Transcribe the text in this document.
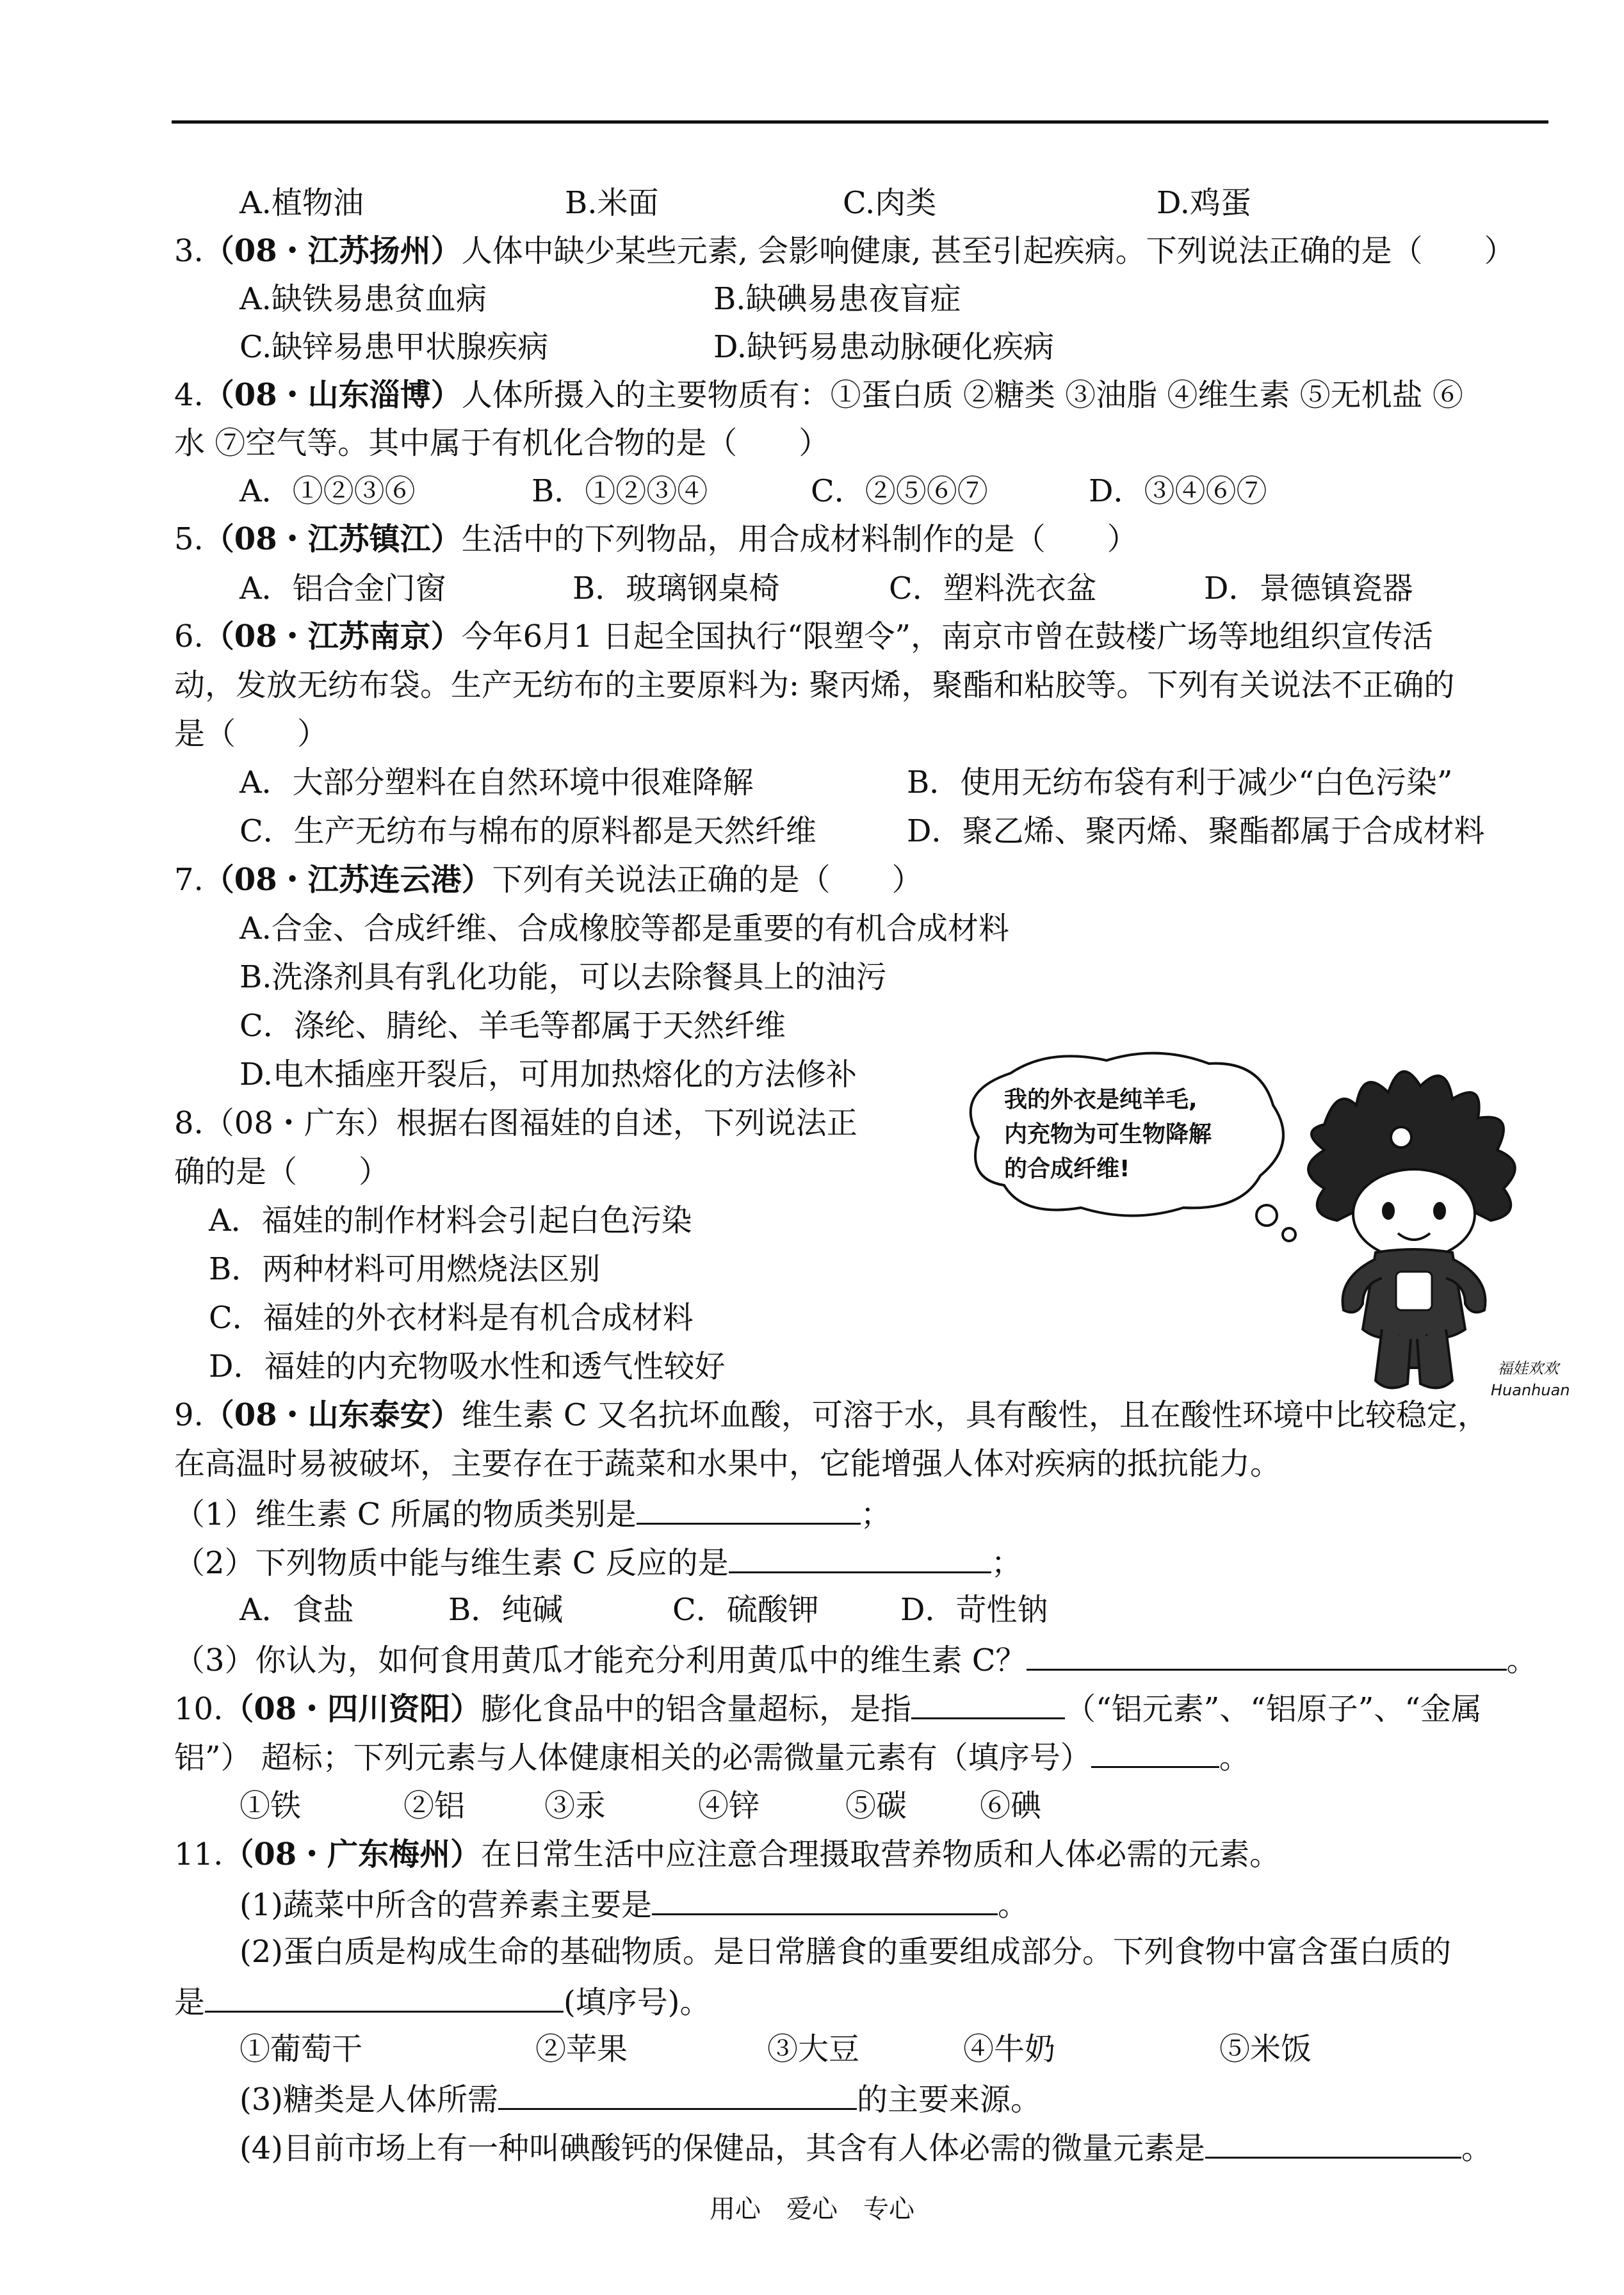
A.植物油	B.米面	C.肉类	D.鸡蛋
3.（08・江苏扬州）人体中缺少某些元素, 会影响健康, 甚至引起疾病。下列说法正确的是（　　）
A.缺铁易患贫血病	B.缺碘易患夜盲症
C.缺锌易患甲状腺疾病	D.缺钙易患动脉硬化疾病
4.（08・山东淄博）人体所摄入的主要物质有：①蛋白质 ②糖类 ③油脂 ④维生素 ⑤无机盐 ⑥
水 ⑦空气等。其中属于有机化合物的是（　　）
A．①②③⑥	B．①②③④	C．②⑤⑥⑦	D．③④⑥⑦
5.（08・江苏镇江）生活中的下列物品，用合成材料制作的是（　　）
A．铝合金门窗	B．玻璃钢桌椅	C．塑料洗衣盆	D．景德镇瓷器
6.（08・江苏南京）今年6月1 日起全国执行“限塑令”，南京市曾在鼓楼广场等地组织宣传活
动，发放无纺布袋。生产无纺布的主要原料为: 聚丙烯，聚酯和粘胶等。下列有关说法不正确的
是（　　）
A．大部分塑料在自然环境中很难降解	B．使用无纺布袋有利于减少“白色污染”
C．生产无纺布与棉布的原料都是天然纤维	D．聚乙烯、聚丙烯、聚酯都属于合成材料
7.（08・江苏连云港）下列有关说法正确的是（　　）
A.合金、合成纤维、合成橡胶等都是重要的有机合成材料
B.洗涤剂具有乳化功能，可以去除餐具上的油污
C．涤纶、腈纶、羊毛等都属于天然纤维
D.电木插座开裂后，可用加热熔化的方法修补
8.（08・广东）根据右图福娃的自述，下列说法正
确的是（　　）
A．福娃的制作材料会引起白色污染
B．两种材料可用燃烧法区别
C．福娃的外衣材料是有机合成材料
D．福娃的内充物吸水性和透气性较好
我的外衣是纯羊毛,
内充物为可生物降解
的合成纤维!
福娃欢欢
Huanhuan
9.（08・山东泰安）维生素 C 又名抗坏血酸，可溶于水，具有酸性，且在酸性环境中比较稳定，
在高温时易被破坏，主要存在于蔬菜和水果中，它能增强人体对疾病的抵抗能力。
（1）维生素 C 所属的物质类别是	；
（2）下列物质中能与维生素 C 反应的是	；
A．食盐	B．纯碱	C．硫酸钾	D．苛性钠
（3）你认为，如何食用黄瓜才能充分利用黄瓜中的维生素 C？	。
10.（08・四川资阳）膨化食品中的铝含量超标，是指	（“铝元素”、“铝原子”、“金属
铝”） 超标；下列元素与人体健康相关的必需微量元素有（填序号）	。
①铁	②铝	③汞	④锌	⑤碳 ⑥碘
11.（08・广东梅州）在日常生活中应注意合理摄取营养物质和人体必需的元素。
(1)蔬菜中所含的营养素主要是	。
(2)蛋白质是构成生命的基础物质。是日常膳食的重要组成部分。下列食物中富含蛋白质的
是	(填序号)。
①葡萄干	②苹果	③大豆	④牛奶	⑤米饭
(3)糖类是人体所需	的主要来源。
(4)目前市场上有一种叫碘酸钙的保健品，其含有人体必需的微量元素是	。
用心　爱心　专心
